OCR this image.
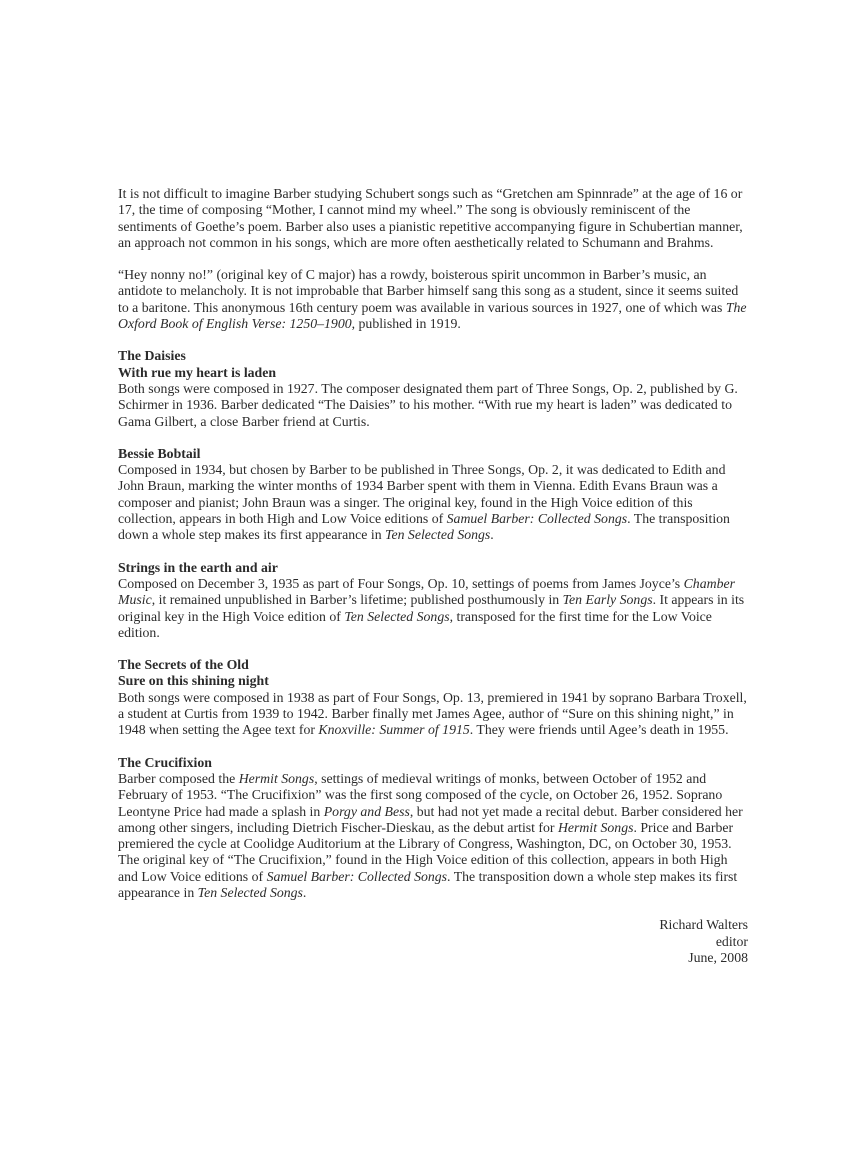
It is not difficult to imagine Barber studying Schubert songs such as “Gretchen am Spinnrade” at the age of 16 or 17, the time of composing “Mother, I cannot mind my wheel.” The song is obviously reminiscent of the sentiments of Goethe’s poem. Barber also uses a pianistic repetitive accompanying figure in Schubertian manner, an approach not common in his songs, which are more often aesthetically related to Schumann and Brahms.

“Hey nonny no!” (original key of C major) has a rowdy, boisterous spirit uncommon in Barber’s music, an antidote to melancholy. It is not improbable that Barber himself sang this song as a student, since it seems suited to a baritone. This anonymous 16th century poem was available in various sources in 1927, one of which was The Oxford Book of English Verse: 1250–1900, published in 1919.

The Daisies
With rue my heart is laden

Both songs were composed in 1927. The composer designated them part of Three Songs, Op. 2, published by G. Schirmer in 1936. Barber dedicated “The Daisies” to his mother. “With rue my heart is laden” was dedicated to Gama Gilbert, a close Barber friend at Curtis.

Bessie Bobtail

Composed in 1934, but chosen by Barber to be published in Three Songs, Op. 2, it was dedicated to Edith and John Braun, marking the winter months of 1934 Barber spent with them in Vienna. Edith Evans Braun was a composer and pianist; John Braun was a singer. The original key, found in the High Voice edition of this collection, appears in both High and Low Voice editions of Samuel Barber: Collected Songs. The transposition down a whole step makes its first appearance in Ten Selected Songs.

Strings in the earth and air

Composed on December 3, 1935 as part of Four Songs, Op. 10, settings of poems from James Joyce’s Chamber Music, it remained unpublished in Barber’s lifetime; published posthumously in Ten Early Songs. It appears in its original key in the High Voice edition of Ten Selected Songs, transposed for the first time for the Low Voice edition.

The Secrets of the Old
Sure on this shining night

Both songs were composed in 1938 as part of Four Songs, Op. 13, premiered in 1941 by soprano Barbara Troxell, a student at Curtis from 1939 to 1942. Barber finally met James Agee, author of “Sure on this shining night,” in 1948 when setting the Agee text for Knoxville: Summer of 1915. They were friends until Agee’s death in 1955.

The Crucifixion

Barber composed the Hermit Songs, settings of medieval writings of monks, between October of 1952 and February of 1953. “The Crucifixion” was the first song composed of the cycle, on October 26, 1952. Soprano Leontyne Price had made a splash in Porgy and Bess, but had not yet made a recital debut. Barber considered her among other singers, including Dietrich Fischer-Dieskau, as the debut artist for Hermit Songs. Price and Barber premiered the cycle at Coolidge Auditorium at the Library of Congress, Washington, DC, on October 30, 1953. The original key of “The Crucifixion,” found in the High Voice edition of this collection, appears in both High and Low Voice editions of Samuel Barber: Collected Songs. The transposition down a whole step makes its first appearance in Ten Selected Songs.

Richard Walters
editor
June, 2008
